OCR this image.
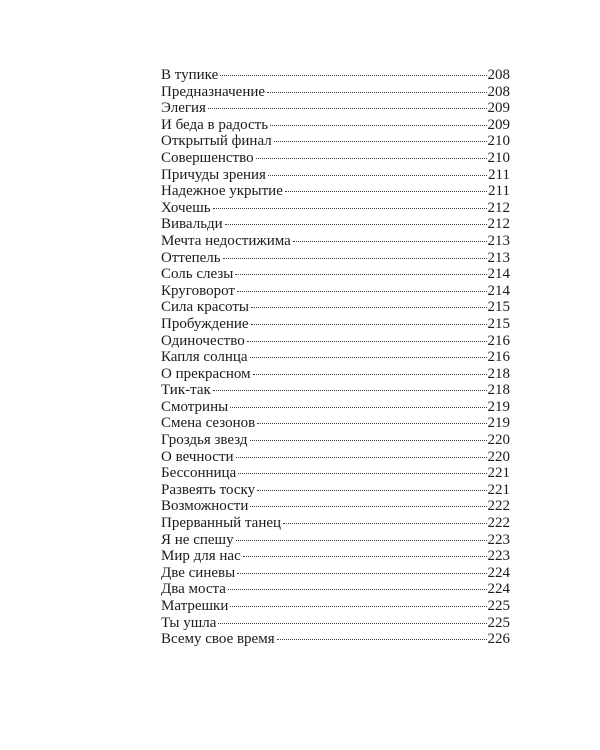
В тупике	208
Предназначение	208
Элегия	209
И беда в радость	209
Открытый финал	210
Совершенство	210
Причуды зрения	211
Надежное укрытие	211
Хочешь	212
Вивальди	212
Мечта недостижима	213
Оттепель	213
Соль слезы	214
Круговорот	214
Сила красоты	215
Пробуждение	215
Одиночество	216
Капля солнца	216
О прекрасном	218
Тик-так	218
Смотрины	219
Смена сезонов	219
Гроздья звезд	220
О вечности	220
Бессонница	221
Развеять тоску	221
Возможности	222
Прерванный танец	222
Я не спешу	223
Мир для нас	223
Две синевы	224
Два моста	224
Матрешки	225
Ты ушла	225
Всему свое время	226
